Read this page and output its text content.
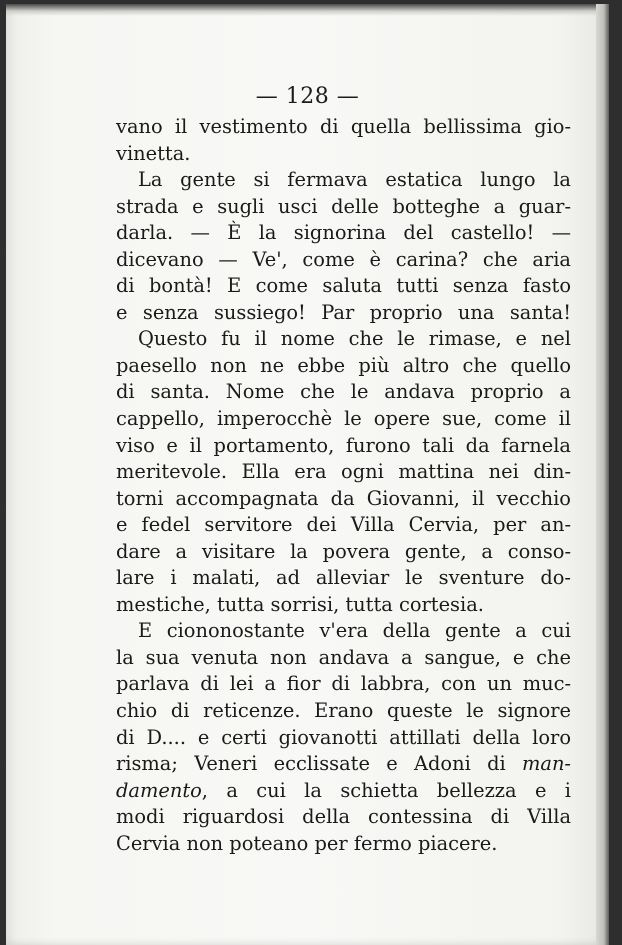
— 128 —
vano il vestimento di quella bellissima gio-
vinetta.
La gente si fermava estatica lungo la
strada e sugli usci delle botteghe a guar-
darla. — È la signorina del castello! —
dicevano — Ve', come è carina? che aria
di bontà! E come saluta tutti senza fasto
e senza sussiego! Par proprio una santa!
Questo fu il nome che le rimase, e nel
paesello non ne ebbe più altro che quello
di santa. Nome che le andava proprio a
cappello, imperocchè le opere sue, come il
viso e il portamento, furono tali da farnela
meritevole. Ella era ogni mattina nei din-
torni accompagnata da Giovanni, il vecchio
e fedel servitore dei Villa Cervia, per an-
dare a visitare la povera gente, a conso-
lare i malati, ad alleviar le sventure do-
mestiche, tutta sorrisi, tutta cortesia.
E ciononostante v'era della gente a cui
la sua venuta non andava a sangue, e che
parlava di lei a fior di labbra, con un muc-
chio di reticenze. Erano queste le signore
di D.... e certi giovanotti attillati della loro
risma; Veneri ecclissate e Adoni di man-
damento, a cui la schietta bellezza e i
modi riguardosi della contessina di Villa
Cervia non poteano per fermo piacere.
